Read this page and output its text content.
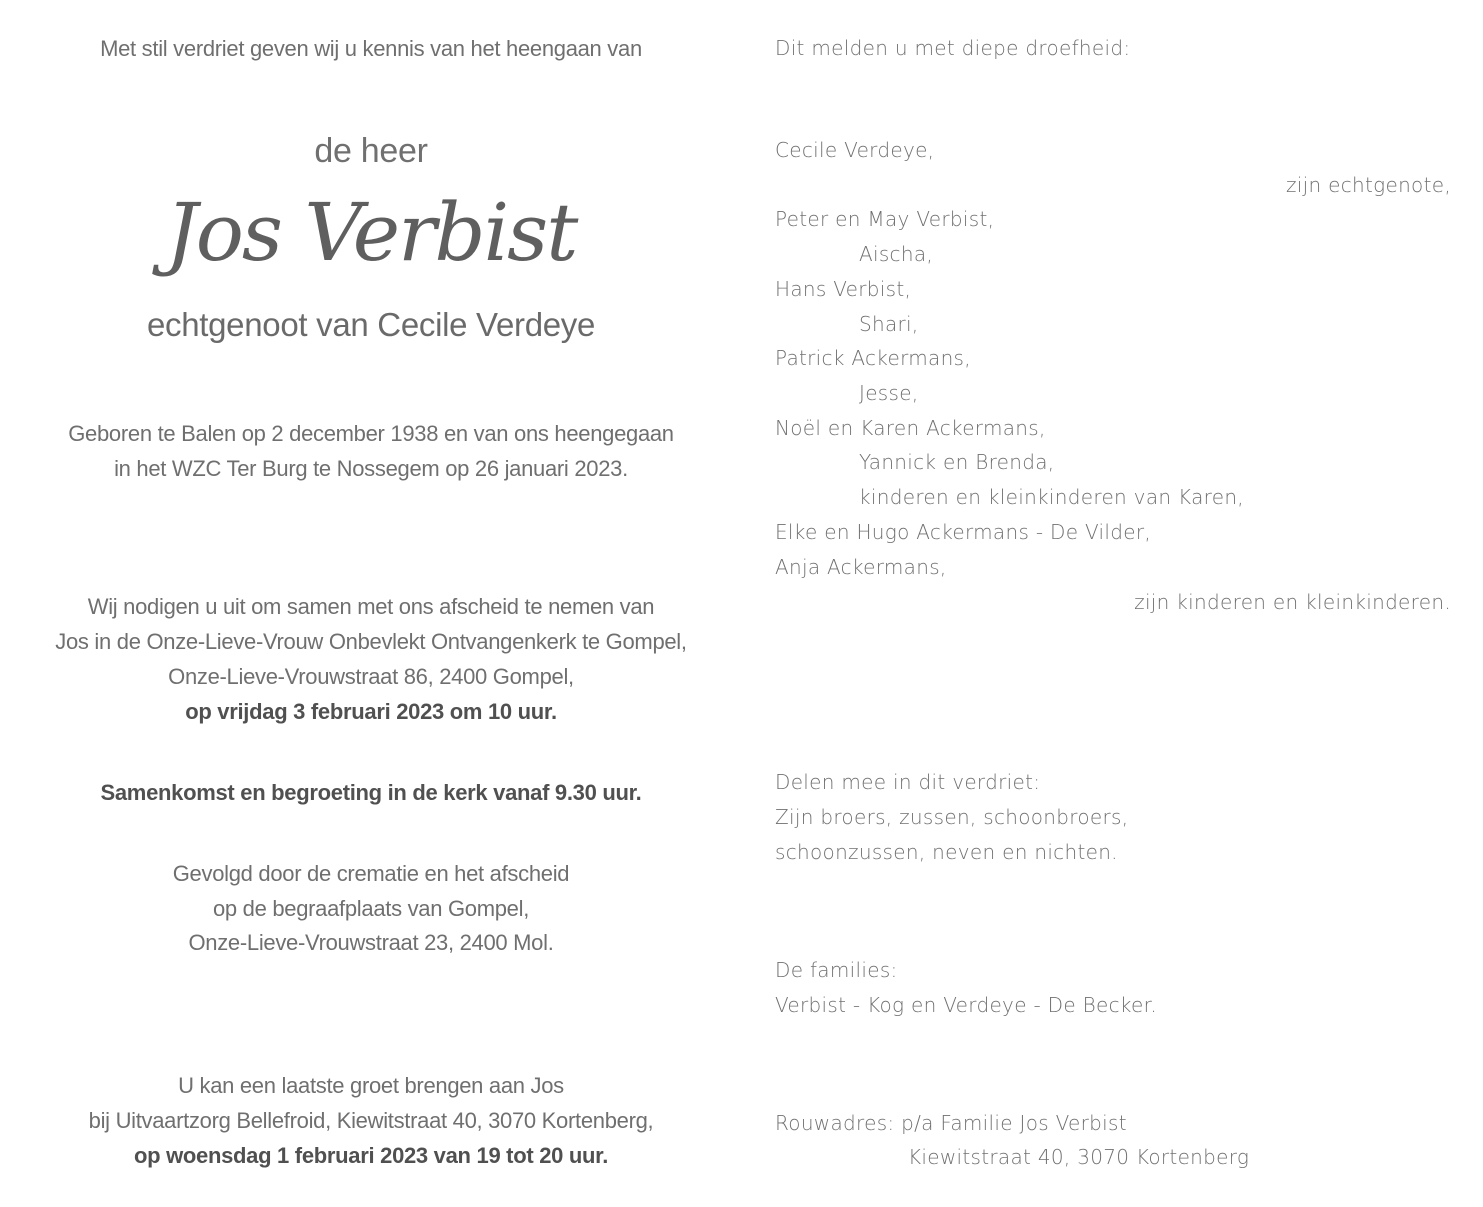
Met stil verdriet geven wij u kennis van het heengaan van
de heer
Jos Verbist
echtgenoot van Cecile Verdeye
Geboren te Balen op 2 december 1938 en van ons heengegaan
in het WZC Ter Burg te Nossegem op 26 januari 2023.
Wij nodigen u uit om samen met ons afscheid te nemen van
Jos in de Onze-Lieve-Vrouw Onbevlekt Ontvangenkerk te Gompel,
Onze-Lieve-Vrouwstraat 86, 2400 Gompel,
op vrijdag 3 februari 2023 om 10 uur.
Samenkomst en begroeting in de kerk vanaf 9.30 uur.
Gevolgd door de crematie en het afscheid
op de begraafplaats van Gompel,
Onze-Lieve-Vrouwstraat 23, 2400 Mol.
U kan een laatste groet brengen aan Jos
bij Uitvaartzorg Bellefroid, Kiewitstraat 40, 3070 Kortenberg,
op woensdag 1 februari 2023 van 19 tot 20 uur.
Dit melden u met diepe droefheid:
Cecile Verdeye,
zijn echtgenote,
Peter en May Verbist,
Aischa,
Hans Verbist,
Shari,
Patrick Ackermans,
Jesse,
Noël en Karen Ackermans,
Yannick en Brenda,
kinderen en kleinkinderen van Karen,
Elke en Hugo Ackermans - De Vilder,
Anja Ackermans,
zijn kinderen en kleinkinderen.
Delen mee in dit verdriet:
Zijn broers, zussen, schoonbroers,
schoonzussen, neven en nichten.
De families:
Verbist - Kog en Verdeye - De Becker.
Rouwadres: p/a Familie Jos Verbist
Kiewitstraat 40, 3070 Kortenberg
